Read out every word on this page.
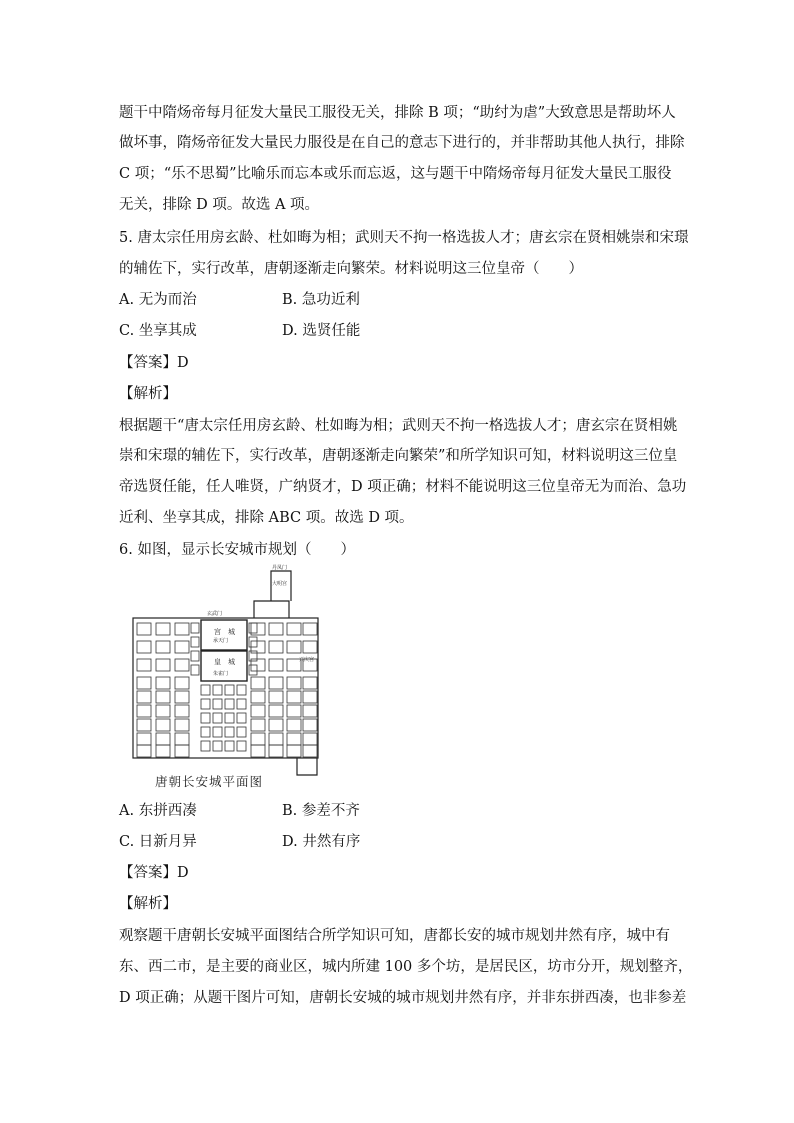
题干中隋炀帝每月征发大量民工服役无关，排除 B 项；“助纣为虐”大致意思是帮助坏人
做坏事，隋炀帝征发大量民力服役是在自己的意志下进行的，并非帮助其他人执行，排除
C 项；“乐不思蜀”比喻乐而忘本或乐而忘返，这与题干中隋炀帝每月征发大量民工服役
无关，排除 D 项。故选 A 项。
5. 唐太宗任用房玄龄、杜如晦为相；武则天不拘一格选拔人才；唐玄宗在贤相姚崇和宋璟
的辅佐下，实行改革，唐朝逐渐走向繁荣。材料说明这三位皇帝（　　）
A. 无为而治	B. 急功近利
C. 坐享其成	D. 选贤任能
【答案】D
【解析】
根据题干“唐太宗任用房玄龄、杜如晦为相；武则天不拘一格选拔人才；唐玄宗在贤相姚
崇和宋璟的辅佐下，实行改革，唐朝逐渐走向繁荣”和所学知识可知，材料说明这三位皇
帝选贤任能，任人唯贤，广纳贤才，D 项正确；材料不能说明这三位皇帝无为而治、急功
近利、坐享其成，排除 ABC 项。故选 D 项。
6. 如图，显示长安城市规划（　　）
宫　城
皇　城
大明宫
丹凤门
玄武门
承天门
朱雀门
兴庆宫
唐朝长安城平面图
A. 东拼西凑	B. 参差不齐
C. 日新月异	D. 井然有序
【答案】D
【解析】
观察题干唐朝长安城平面图结合所学知识可知，唐都长安的城市规划井然有序，城中有
东、西二市，是主要的商业区，城内所建 100 多个坊，是居民区，坊市分开，规划整齐，
D 项正确；从题干图片可知，唐朝长安城的城市规划井然有序，并非东拼西凑，也非参差
